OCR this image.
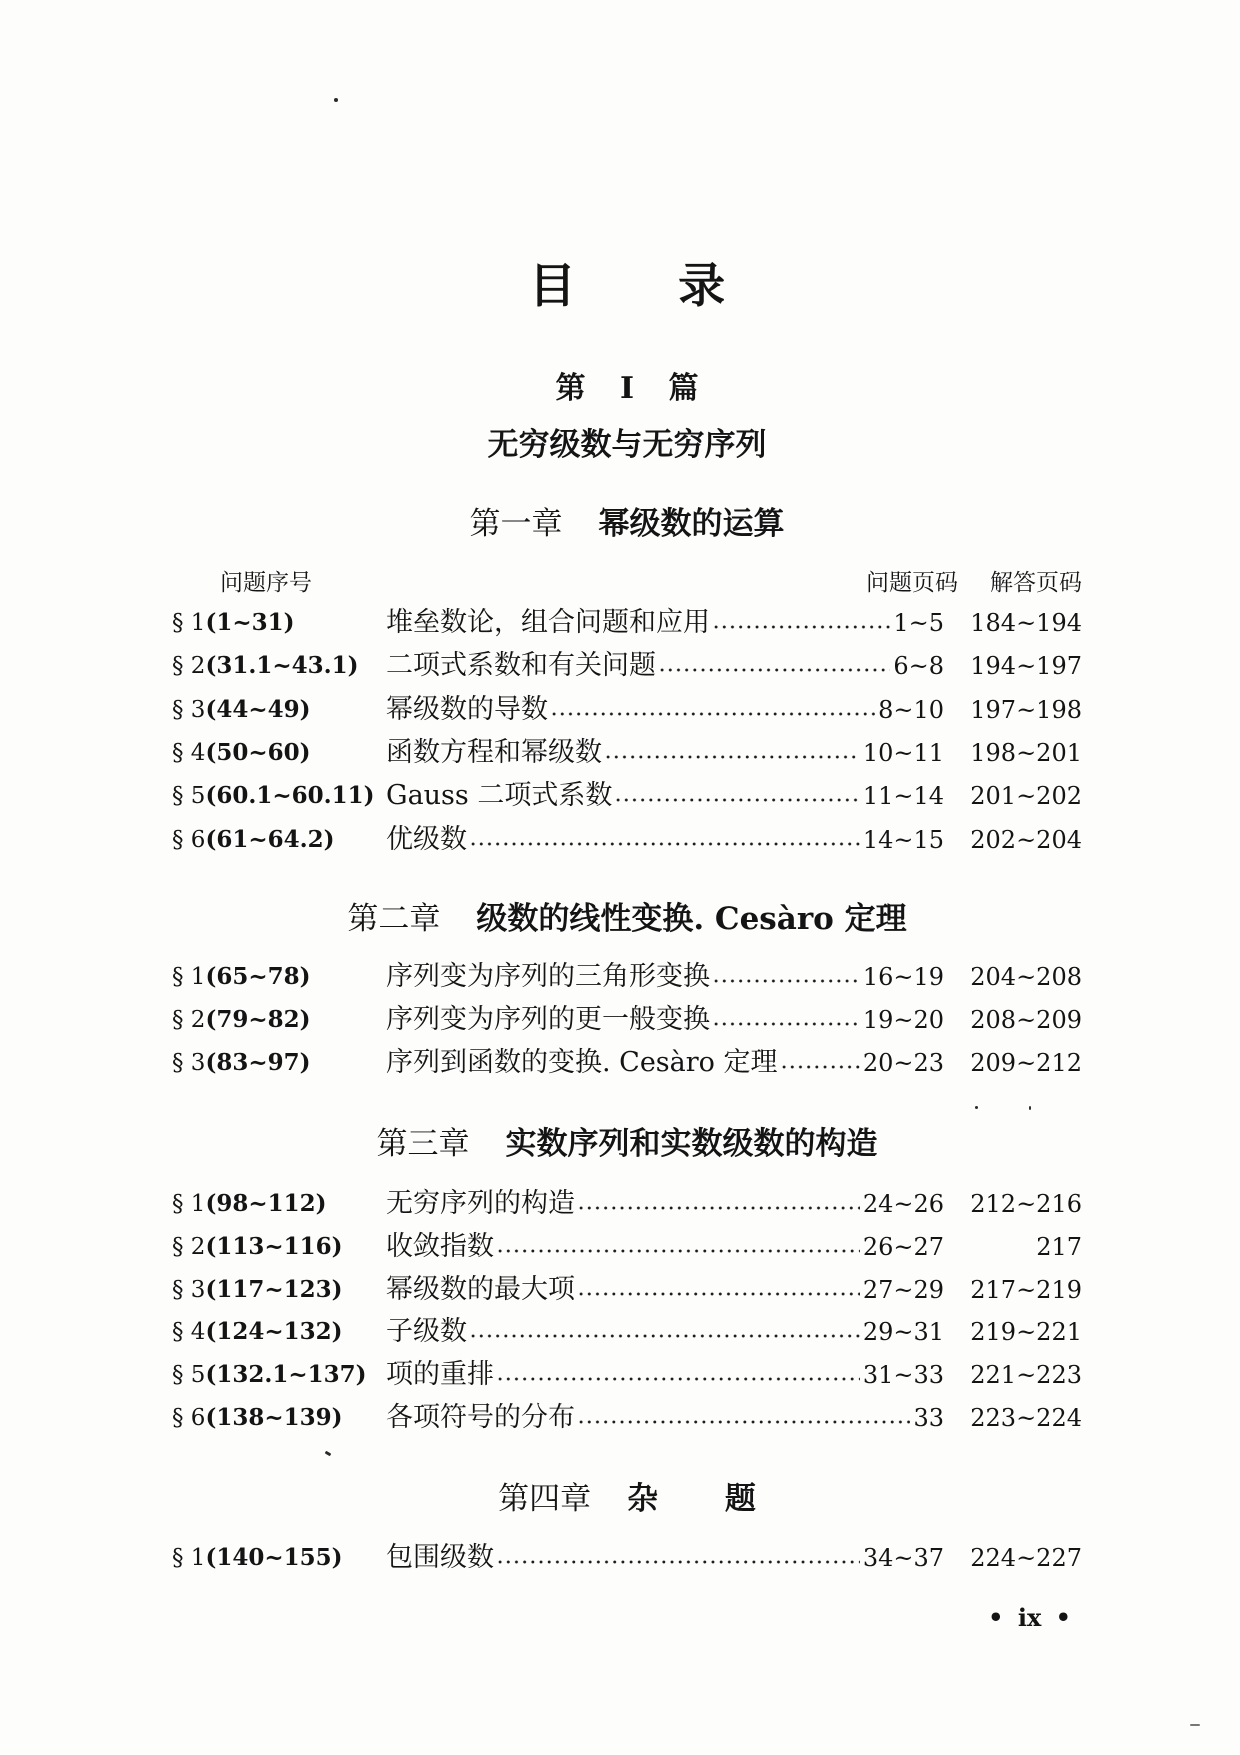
目 录
第 I 篇
无穷级数与无穷序列
第一章 幂级数的运算
问题序号	问题页码 解答页码
§ 1(1~31)	堆垒数论，组合问题和应用	1~5	184~194
§ 2(31.1~43.1)	二项式系数和有关问题	6~8	194~197
§ 3(44~49)	幂级数的导数	8~10	197~198
§ 4(50~60)	函数方程和幂级数	10~11	198~201
§ 5(60.1~60.11) Gauss 二项式系数	11~14	201~202
§ 6(61~64.2)	优级数	14~15	202~204
第二章 级数的线性变换. Cesàro 定理
§ 1(65~78)	序列变为序列的三角形变换	16~19	204~208
§ 2(79~82)	序列变为序列的更一般变换	19~20	208~209
§ 3(83~97)	序列到函数的变换. Cesàro 定理	20~23	209~212
第三章 实数序列和实数级数的构造
§ 1(98~112)	无穷序列的构造	24~26	212~216
§ 2(113~116)	收敛指数	26~27	217
§ 3(117~123)	幂级数的最大项	27~29	217~219
§ 4(124~132)	子级数	29~31	219~221
§ 5(132.1~137) 项的重排	31~33	221~223
§ 6(138~139)	各项符号的分布	33	223~224
第四章 杂 题
§ 1(140~155)	包围级数	34~37	224~227
• ix •
